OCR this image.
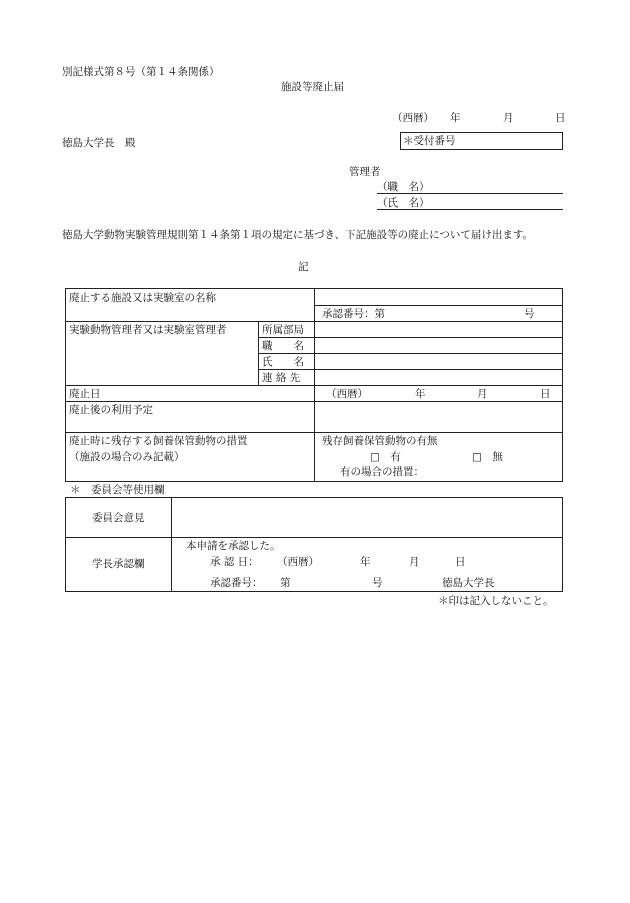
別記様式第８号（第１４条関係）
施設等廃止届
（西暦） 年	月	日
徳島大学長　殿	＊受付番号
管理者
（職　名）
（氏　名）
徳島大学動物実験管理規則第１４条第１項の規定に基づき、下記施設等の廃止について届け出ます。
記
廃止する施設又は実験室の名称
承認番号：第	号
実験動物管理者又は実験室管理者	所属部局
職　　名
氏　　名
連 絡 先
廃止日	（西暦）	年	月	日
廃止後の利用予定
廃止時に残存する飼養保管動物の措置
（施設の場合のみ記載）
残存飼養保管動物の有無
□　有	□　無
有の場合の措置：
＊　委員会等使用欄
委員会意見
学長承認欄
本申請を承認した。
承 認 日： （西暦）	年	月	日
承認番号： 第	号	徳島大学長
＊印は記入しないこと。
